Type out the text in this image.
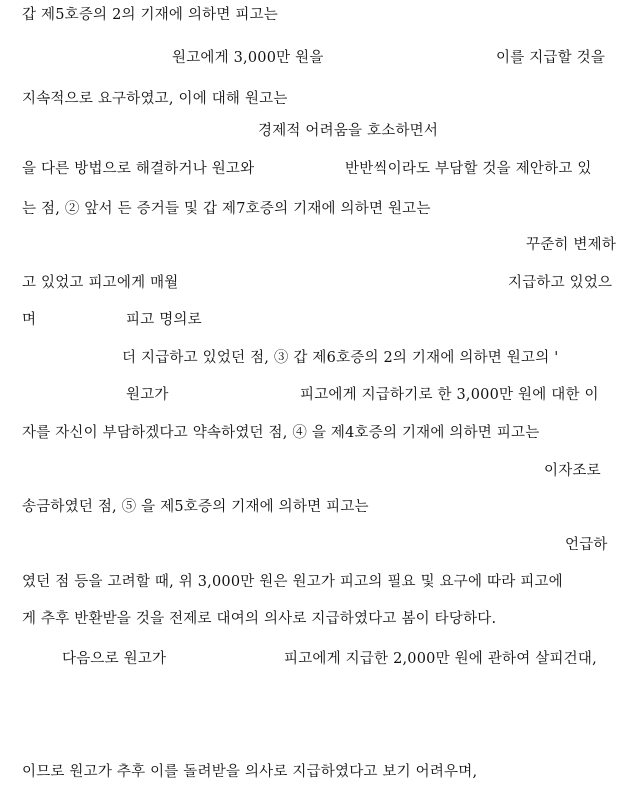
갑 제5호증의 2의 기재에 의하면 피고는
원고에게 3,000만 원을	이를 지급할 것을
지속적으로 요구하였고, 이에 대해 원고는
경제적 어려움을 호소하면서
을 다른 방법으로 해결하거나 원고와	반반씩이라도 부담할 것을 제안하고 있
는 점, ② 앞서 든 증거들 및 갑 제7호증의 기재에 의하면 원고는
꾸준히 변제하
고 있었고 피고에게 매월	지급하고 있었으
며	피고 명의로
더 지급하고 있었던 점, ③ 갑 제6호증의 2의 기재에 의하면 원고의 '
원고가	피고에게 지급하기로 한 3,000만 원에 대한 이
자를 자신이 부담하겠다고 약속하였던 점, ④ 을 제4호증의 기재에 의하면 피고는
이자조로
송금하였던 점, ⑤ 을 제5호증의 기재에 의하면 피고는
언급하
였던 점 등을 고려할 때, 위 3,000만 원은 원고가 피고의 필요 및 요구에 따라 피고에
게 추후 반환받을 것을 전제로 대여의 의사로 지급하였다고 봄이 타당하다.
다음으로 원고가	피고에게 지급한 2,000만 원에 관하여 살피건대,
이므로 원고가 추후 이를 돌려받을 의사로 지급하였다고 보기 어려우며,
